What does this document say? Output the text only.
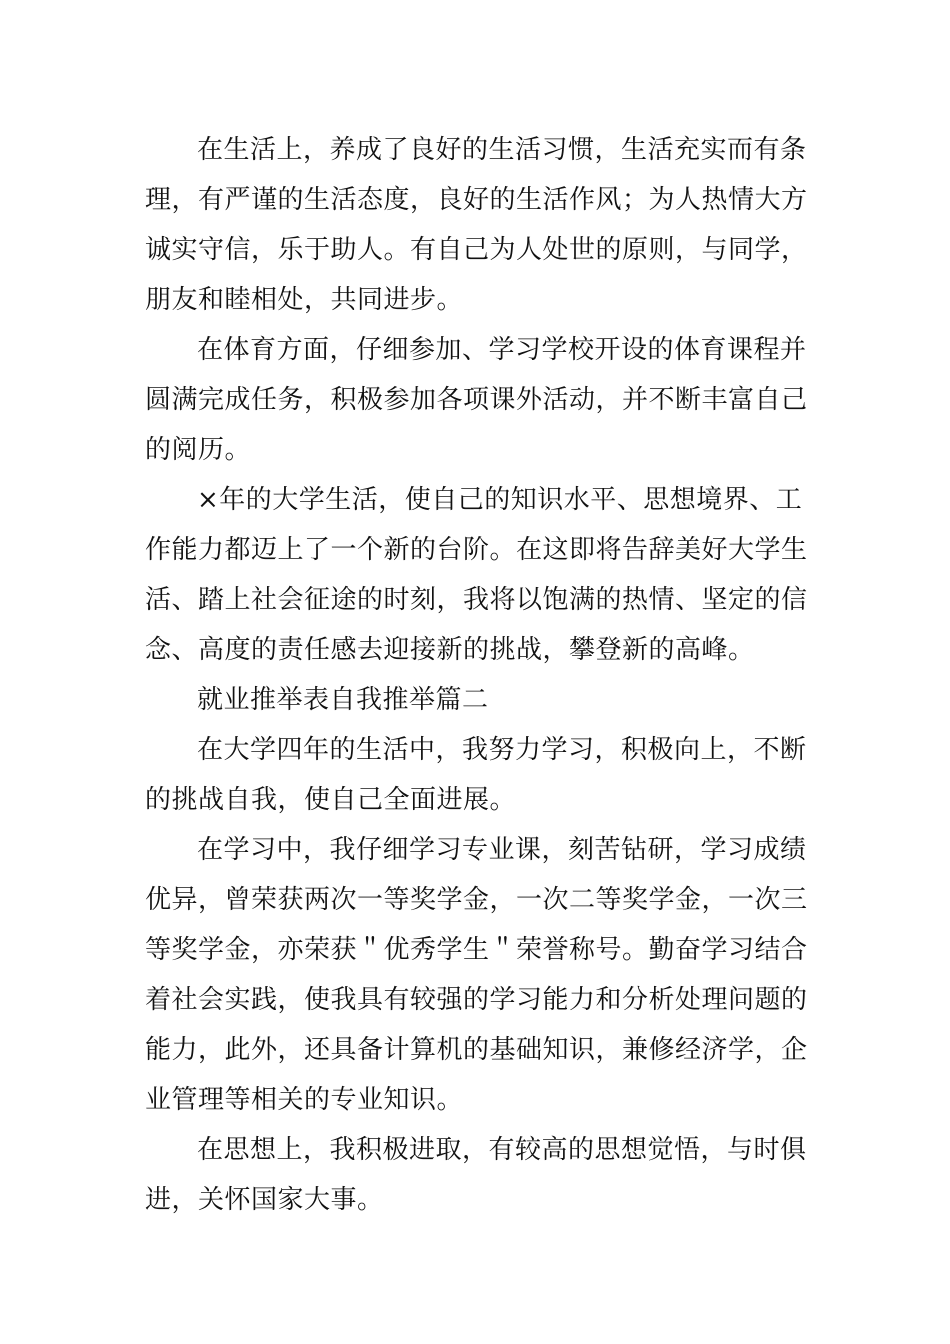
在生活上，养成了良好的生活习惯，生活充实而有条
理，有严谨的生活态度，良好的生活作风；为人热情大方
诚实守信，乐于助人。有自己为人处世的原则，与同学，
朋友和睦相处，共同进步。
在体育方面，仔细参加、学习学校开设的体育课程并
圆满完成任务，积极参加各项课外活动，并不断丰富自己
的阅历。
×年的大学生活，使自己的知识水平、思想境界、工
作能力都迈上了一个新的台阶。在这即将告辞美好大学生
活、踏上社会征途的时刻，我将以饱满的热情、坚定的信
念、高度的责任感去迎接新的挑战，攀登新的高峰。
就业推举表自我推举篇二
在大学四年的生活中，我努力学习，积极向上，不断
的挑战自我，使自己全面进展。
在学习中，我仔细学习专业课，刻苦钻研，学习成绩
优异，曾荣获两次一等奖学金，一次二等奖学金，一次三
等奖学金，亦荣获＂优秀学生＂荣誉称号。勤奋学习结合
着社会实践，使我具有较强的学习能力和分析处理问题的
能力，此外，还具备计算机的基础知识，兼修经济学，企
业管理等相关的专业知识。
在思想上，我积极进取，有较高的思想觉悟，与时俱
进，关怀国家大事。
